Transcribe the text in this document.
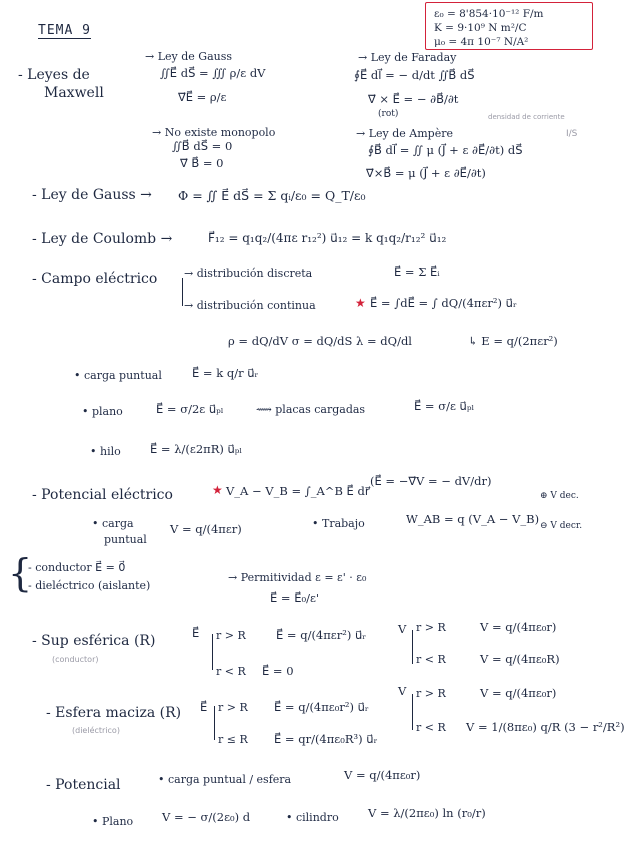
TEMA 9
ε₀ = 8'854·10⁻¹² F/m
K = 9·10⁹ N m²/C
μ₀ = 4π 10⁻⁷ N/A²
- Leyes de
Maxwell
→ Ley de Gauss
∬E⃗ dS⃗ = ∭ ρ/ε dV
∇⃗E⃗ = ρ/ε
→ No existe monopolo
∬B⃗ dS⃗ = 0
∇⃗ B⃗ = 0
→ Ley de Faraday
∮E⃗ dl⃗ = − d/dt ∬B⃗ dS⃗
∇⃗ × E⃗ = − ∂B⃗/∂t
(rot)
→ Ley de Ampère
∮B⃗ dl⃗ = ∬ μ (J⃗ + ε ∂E⃗/∂t) dS⃗
∇⃗×B⃗ = μ (J⃗ + ε ∂E⃗/∂t)
densidad de corriente
I/S
- Ley de Gauss → Φ = ∬ E⃗ dS⃗ = Σ qᵢ/ε₀ = Q_T/ε₀
- Ley de Coulomb →	F⃗₁₂ = q₁q₂/(4πε r₁₂²) u⃗₁₂ = k q₁q₂/r₁₂² u⃗₁₂
- Campo eléctrico → distribución discreta	E⃗ = Σ E⃗ᵢ
→ distribución continua	★ E⃗ = ∫dE⃗ = ∫ dQ/(4πεr²) u⃗ᵣ
ρ = dQ/dV σ = dQ/dS λ = dQ/dl	↳ E = q/(2πεr²)
• carga puntual	E⃗ = k q/r u⃗ᵣ
• plano	E⃗ = σ/2ε u⃗ₚₗ	⟿ placas cargadas	E⃗ = σ/ε u⃗ₚₗ
• hilo	E⃗ = λ/(ε2πR) u⃗ₚₗ
- Potencial eléctrico	★ V_A − V_B = ∫_A^B E⃗ dr⃗
(E⃗ = −∇⃗V = − dV/dr)
• carga
puntual
V = q/(4πεr)	• Trabajo	W_AB = q (V_A − V_B)
⊕ V dec.
⊖ V decr.
{
- conductor E⃗ = 0⃗
- dieléctrico (aislante)
→ Permitividad ε = ε' · ε₀
E⃗ = E⃗₀/ε'
- Sup esférica (R)
(conductor)
E⃗ r > R	E⃗ = q/(4πεr²) u⃗ᵣ
r < R E⃗ = 0
V r > R	V = q/(4πε₀r)
r < R	V = q/(4πε₀R)
- Esfera maciza (R)
(dieléctrico)
E⃗ r > R E⃗ = q/(4πε₀r²) u⃗ᵣ
r ≤ R E⃗ = qr/(4πε₀R³) u⃗ᵣ
V r > R	V = q/(4πε₀r)
r < R V = 1/(8πε₀) q/R (3 − r²/R²)
- Potencial	• carga puntual / esfera	V = q/(4πε₀r)
• Plano	V = − σ/(2ε₀) d	• cilindro	V = λ/(2πε₀) ln (r₀/r)
